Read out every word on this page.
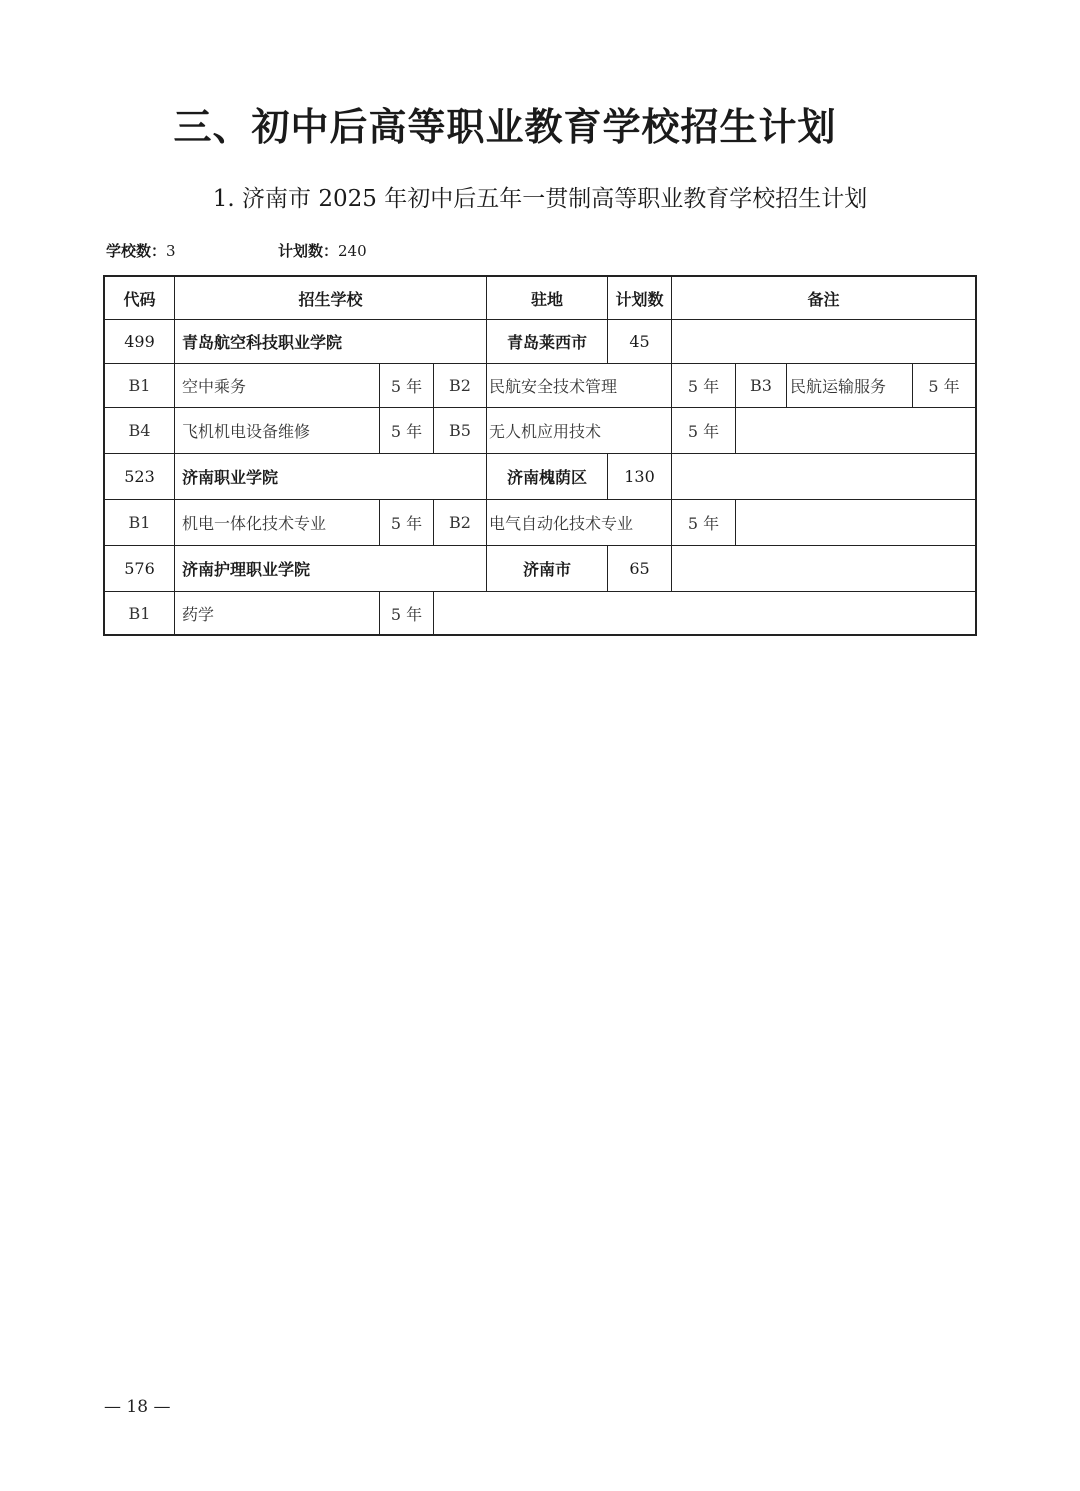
三、初中后高等职业教育学校招生计划
1. 济南市 2025 年初中后五年一贯制高等职业教育学校招生计划
学校数：3	计划数：240
代码	招生学校	驻地	计划数	备注
499	青岛航空科技职业学院	青岛莱西市	45
B1	空中乘务	5 年	B2	民航安全技术管理	5 年	B3	民航运输服务	5 年
B4	飞机机电设备维修	5 年	B5	无人机应用技术	5 年
523	济南职业学院	济南槐荫区	130
B1	机电一体化技术专业	5 年	B2	电气自动化技术专业	5 年
576	济南护理职业学院	济南市	65
B1	药学	5 年
— 18 —
